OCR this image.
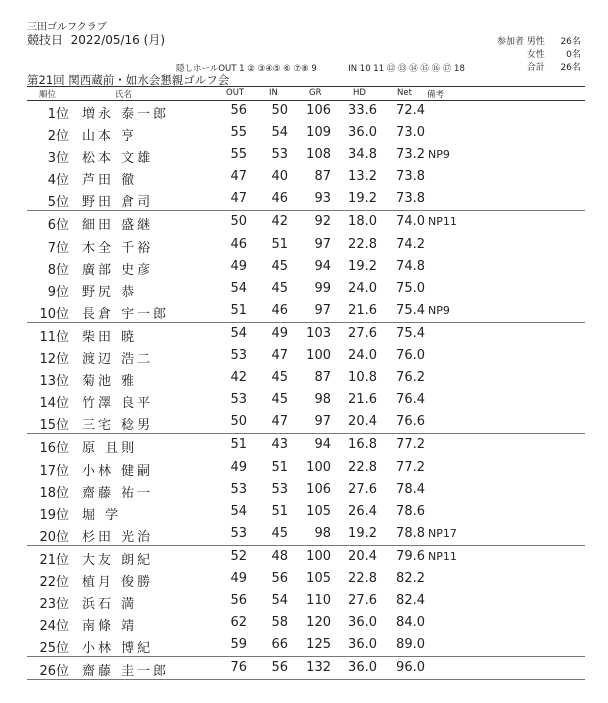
三田ゴルフクラブ
競技日 2022/05/16 (月)	参加者
男性	26名
女性	0名
合計	26名
隠しホールOUT 1 ② ③④⑤ ⑥ ⑦⑧ 9	IN 10 11 ⑫ ⑬ ⑭ ⑮ ⑯ ⑰ 18
第21回 関西蔵前・如水会懇親ゴルフ会
順位	氏名	OUT	IN	GR	HD	Net 備考
1位 増永 泰一郎	56 50 106 33.6 72.4
2位 山本 亨	55 54 109 36.0 73.0
3位 松本 文雄	55 53 108 34.8 73.2 NP9
4位 芦田 徹	47 40	87 13.2 73.8
5位 野田 倉司	47 46	93 19.2 73.8
6位 細田 盛継	50 42	92 18.0 74.0 NP11
7位 木全 千裕	46 51	97 22.8 74.2
8位 廣部 史彦	49 45	94 19.2 74.8
9位 野尻 恭	54 45	99 24.0 75.0
10位 長倉 宇一郎	51 46	97 21.6 75.4 NP9
11位 柴田 暁	54 49 103 27.6 75.4
12位 渡辺 浩二	53 47 100 24.0 76.0
13位 菊池 雅	42 45	87 10.8 76.2
14位 竹澤 良平	53 45	98 21.6 76.4
15位 三宅 稔男	50 47	97 20.4 76.6
16位 原 且則	51 43	94 16.8 77.2
17位 小林 健嗣	49 51 100 22.8 77.2
18位 齋藤 祐一	53 53 106 27.6 78.4
19位 堀 学	54 51 105 26.4 78.6
20位 杉田 光治	53 45	98 19.2 78.8 NP17
21位 大友 朗紀	52 48 100 20.4 79.6 NP11
22位 植月 俊勝	49 56 105 22.8 82.2
23位 浜石 満	56 54 110 27.6 82.4
24位 南條 靖	62 58 120 36.0 84.0
25位 小林 博紀	59 66 125 36.0 89.0
26位 齋藤 圭一郎	76 56 132 36.0 96.0
